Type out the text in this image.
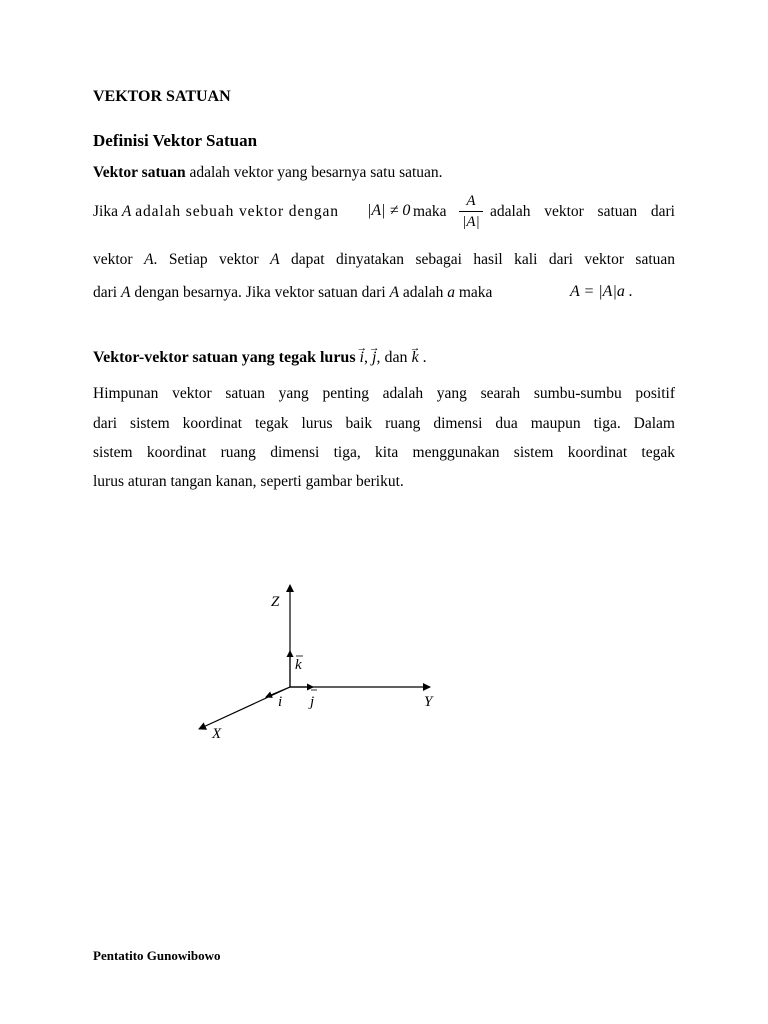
VEKTOR SATUAN
Definisi Vektor Satuan
Vektor satuan adalah vektor yang besarnya satu satuan.
Jika A adalah sebuah vektor dengan	|A| ≠ 0 maka
A
|A|
adalah vektor satuan dari
vektor A. Setiap vektor A dapat dinyatakan sebagai hasil kali dari vektor satuan
dari A dengan besarnya. Jika vektor satuan dari A adalah a maka	A = |A|a .
Vektor-vektor satuan yang tegak lurus → i, → j, dan → k .
Himpunan vektor satuan yang penting adalah yang searah sumbu-sumbu positif
dari sistem koordinat tegak lurus baik ruang dimensi dua maupun tiga. Dalam
sistem koordinat ruang dimensi tiga, kita menggunakan sistem koordinat tegak
lurus aturan tangan kanan, seperti gambar berikut.
Z
Y
X
k
j
i
Pentatito Gunowibowo
